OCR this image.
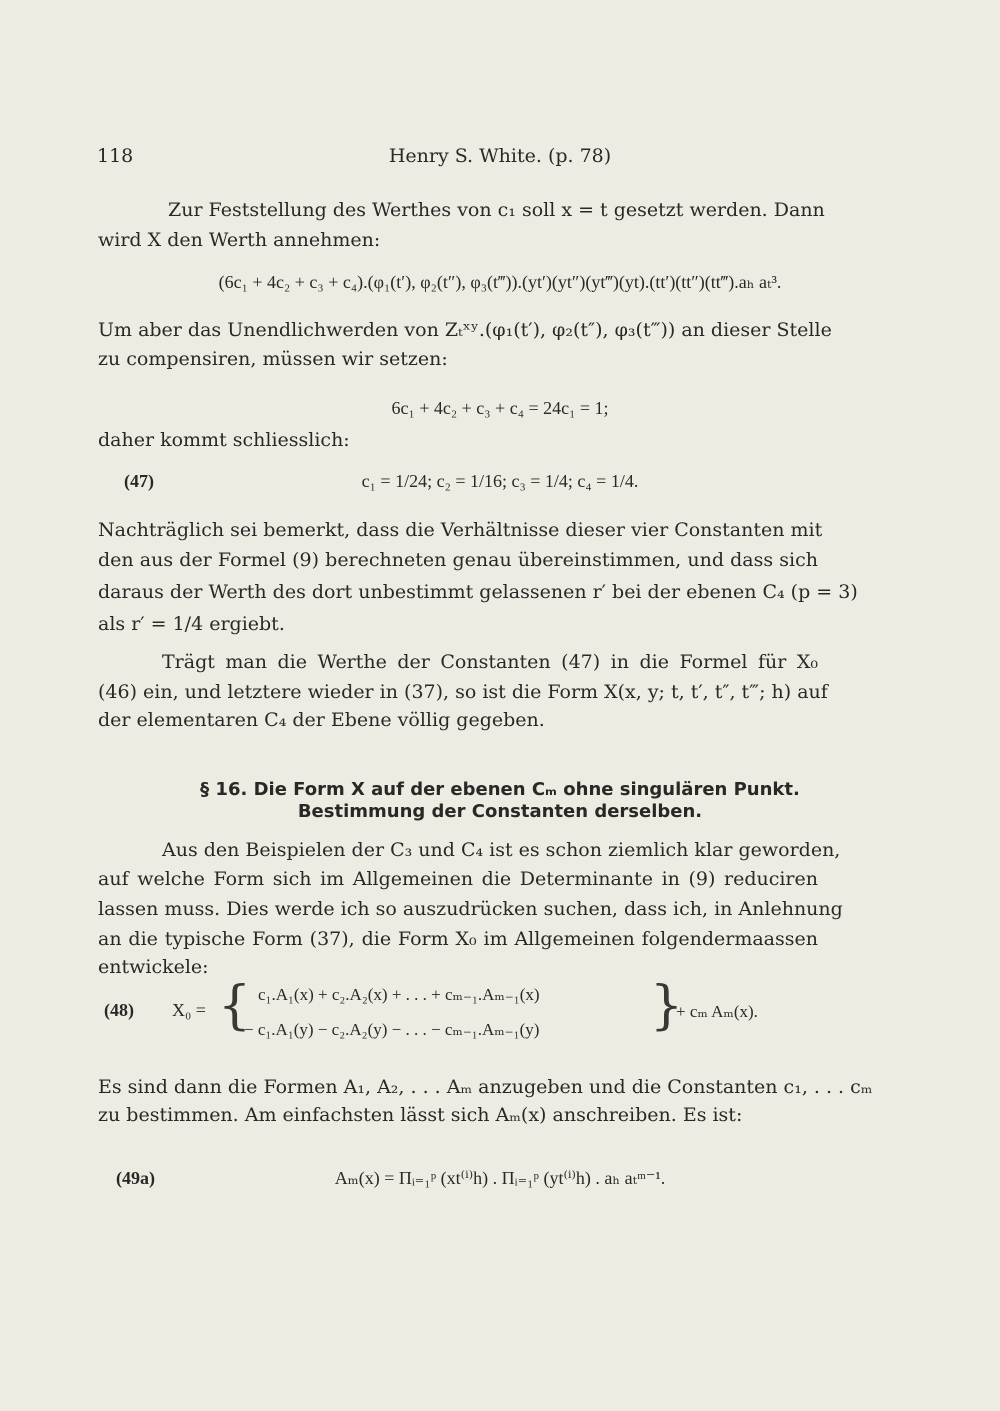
118	Henry S. White. (p. 78)
Zur Feststellung des Werthes von c₁ soll x = t gesetzt werden. Dann
wird X den Werth annehmen:
(6c₁ + 4c₂ + c₃ + c₄).(φ₁(t′), φ₂(t″), φ₃(t‴)).(yt′)(yt″)(yt‴)(yt).(tt′)(tt″)(tt‴).aₕ aₜ³.
Um aber das Unendlichwerden von Zₜˣʸ.(φ₁(t′), φ₂(t″), φ₃(t‴)) an dieser Stelle
zu compensiren, müssen wir setzen:
6c₁ + 4c₂ + c₃ + c₄ = 24c₁ = 1;
daher kommt schliesslich:
(47)	c₁ = 1/24; c₂ = 1/16; c₃ = 1/4; c₄ = 1/4.
Nachträglich sei bemerkt, dass die Verhältnisse dieser vier Constanten mit
den aus der Formel (9) berechneten genau übereinstimmen, und dass sich
daraus der Werth des dort unbestimmt gelassenen r′ bei der ebenen C₄ (p = 3)
als r′ = 1/4 ergiebt.
Trägt man die Werthe der Constanten (47) in die Formel für X₀
(46) ein, und letztere wieder in (37), so ist die Form X(x, y; t, t′, t″, t‴; h) auf
der elementaren C₄ der Ebene völlig gegeben.
§ 16. Die Form X auf der ebenen Cₘ ohne singulären Punkt.
Bestimmung der Constanten derselben.
Aus den Beispielen der C₃ und C₄ ist es schon ziemlich klar geworden,
auf welche Form sich im Allgemeinen die Determinante in (9) reduciren
lassen muss. Dies werde ich so auszudrücken suchen, dass ich, in Anlehnung
an die typische Form (37), die Form X₀ im Allgemeinen folgendermaassen
entwickele:
(48) X₀ = { c₁.A₁(x) + c₂.A₂(x) + . . . + cₘ₋₁.Aₘ₋₁(x)
− c₁.A₁(y) − c₂.A₂(y) − . . . − cₘ₋₁.Aₘ₋₁(y) }
+ cₘ Aₘ(x).
Es sind dann die Formen A₁, A₂, . . . Aₘ anzugeben und die Constanten c₁, . . . cₘ
zu bestimmen. Am einfachsten lässt sich Aₘ(x) anschreiben. Es ist:
(49a)	Aₘ(x) = Πᵢ₌₁ᵖ (xt⁽ⁱ⁾h) . Πᵢ₌₁ᵖ (yt⁽ⁱ⁾h) . aₕ aₜᵐ⁻¹.
